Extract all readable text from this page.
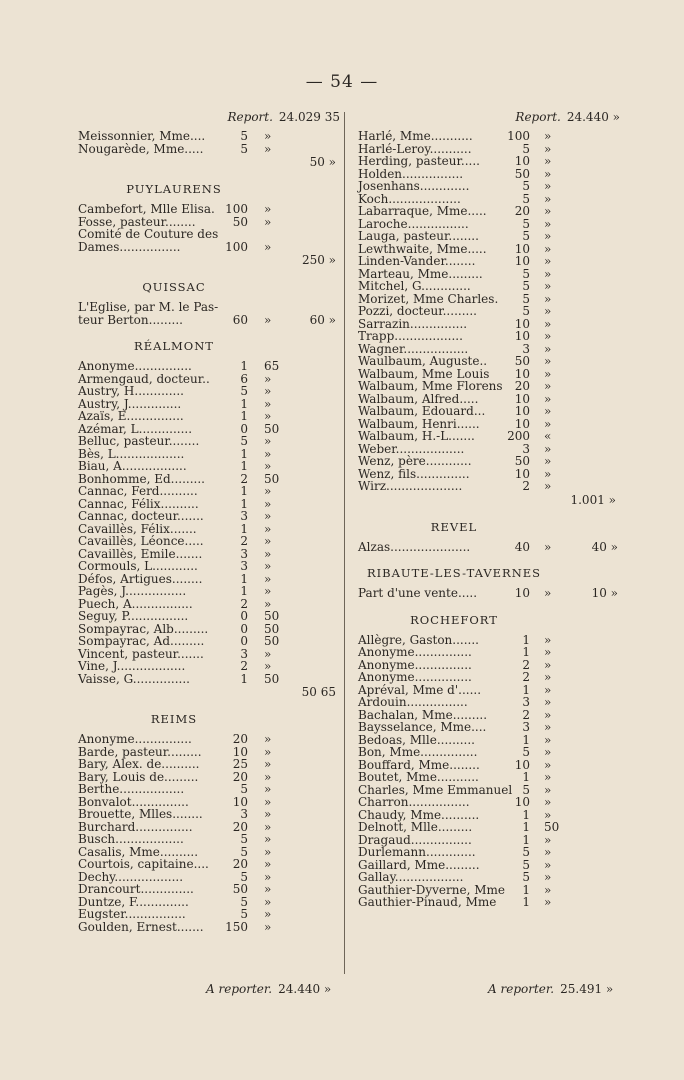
— 54 —
Report. 24.029 35
Meissonnier, Mme....	5 »
Nougarède, Mme.....	5 »
50 »
PUYLAURENS
Cambefort, Mlle Elisa. 100 »
Fosse, pasteur........	50 »
Comité de Couture des
Dames................	100 »
250 »
QUISSAC
L'Eglise, par M. le Pas-
teur Berton.........	60 »	60 »
RÉALMONT
Anonyme...............	1 65
Armengaud, docteur..	6 »
Austry, H.............	5 »
Austry, J..............	1 »
Azaïs, E...............	1 »
Azémar, L..............	0 50
Belluc, pasteur........	5 »
Bès, L..................	1 »
Biau, A.................	1 »
Bonhomme, Ed.........	2 50
Cannac, Ferd..........	1 »
Cannac, Félix..........	1 »
Cannac, docteur.......	3 »
Cavaillès, Félix.......	1 »
Cavaillès, Léonce.....	2 »
Cavaillès, Emile.......	3 »
Cormouls, L............	3 »
Défos, Artigues........	1 »
Pagès, J................	1 »
Puech, A................	2 »
Seguy, P................	0 50
Sompayrac, Alb.........	0 50
Sompayrac, Ad.........	0 50
Vincent, pasteur.......	3 »
Vine, J..................	2 »
Vaisse, G...............	1 50
50 65
REIMS
Anonyme...............	20 »
Barde, pasteur.........	10 »
Bary, Alex. de..........	25 »
Bary, Louis de.........	20 »
Berthe.................	5 »
Bonvalot...............	10 »
Brouette, Mlles........	3 »
Burchard...............	20 »
Busch..................	5 »
Casalis, Mme..........	5 »
Courtois, capitaine....	20 »
Dechy..................	5 »
Drancourt..............	50 »
Duntze, F..............	5 »
Eugster................	5 »
Goulden, Ernest.......	150 »
Report. 24.440 »
Harlé, Mme...........	100 »
Harlé-Leroy...........	5 »
Herding, pasteur.....	10 »
Holden................	50 »
Josenhans.............	5 »
Koch...................	5 »
Labarraque, Mme.....	20 »
Laroche................	5 »
Lauga, pasteur........	5 »
Lewthwaite, Mme.....	10 »
Linden-Vander........	10 »
Marteau, Mme.........	5 »
Mitchel, G.............	5 »
Morizet, Mme Charles.	5 »
Pozzi, docteur.........	5 »
Sarrazin...............	10 »
Trapp..................	10 »
Wagner.................	3 »
Waulbaum, Auguste..	50 »
Walbaum, Mme Louis	10 »
Walbaum, Mme Florens	20 »
Walbaum, Alfred.....	10 »
Walbaum, Edouard...	10 »
Walbaum, Henri......	10 »
Walbaum, H.-L.......	200 «
Weber..................	3 »
Wenz, père............	50 »
Wenz, fils..............	10 »
Wirz....................	2 »
1.001 »
REVEL
Alzas.....................	40 »	40 »
RIBAUTE-LES-TAVERNES
Part d'une vente.....	10 »	10 »
ROCHEFORT
Allègre, Gaston.......	1 »
Anonyme...............	1 »
Anonyme...............	2 »
Anonyme...............	2 »
Apréval, Mme d'......	1 »
Ardouin................	3 »
Bachalan, Mme.........	2 »
Baysselance, Mme....	3 »
Bedoas, Mlle..........	1 »
Bon, Mme...............	5 »
Bouffard, Mme........	10 »
Boutet, Mme...........	1 »
Charles, Mme Emmanuel 5 »
Charron................	10 »
Chaudy, Mme..........	1 »
Delnott, Mlle.........	1 50
Dragaud................	1 »
Durlemann.............	5 »
Gaillard, Mme.........	5 »
Gallay..................	5 »
Gauthier-Dyverne, Mme	1 »
Gauthier-Pinaud, Mme	1 »
A reporter. 24.440 »	A reporter. 25.491 »
